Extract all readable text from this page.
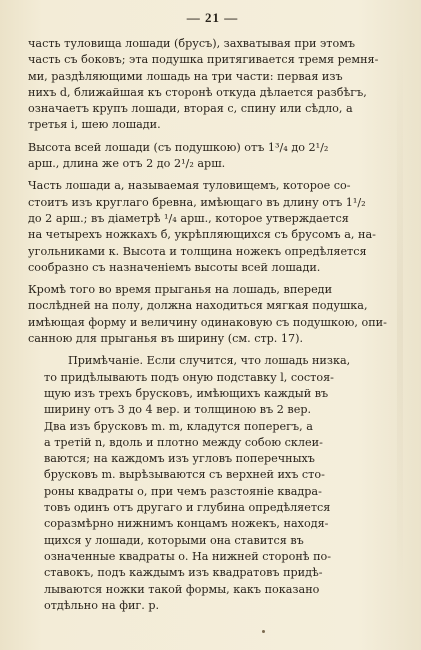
— 21 —
часть туловища лошади (брусъ), захватывая при этомъ
часть съ боковъ; эта подушка притягивается тремя ремня-
ми, раздѣляющими лошадь на три части: первая изъ
нихъ d, ближайшая къ сторонѣ откуда дѣлается разбѣгъ,
означаетъ крупъ лошади, вторая c, спину или сѣдло, а
третья i, шею лошади.
Высота всей лошади (съ подушкою) отъ 1³/₄ до 2¹/₂
арш., длина же отъ 2 до 2¹/₂ арш.
Часть лошади a, называемая туловищемъ, которое со-
стоитъ изъ круглаго бревна, имѣющаго въ длину отъ 1¹/₂
до 2 арш.; въ діаметрѣ ¹/₄ арш., которое утверждается
на четырехъ ножкахъ б, укрѣпляющихся съ брусомъ a, на-
угольниками к. Высота и толщина ножекъ опредѣляется
сообразно съ назначеніемъ высоты всей лошади.
Кромѣ того во время прыганья на лошадь, впереди
послѣдней на полу, должна находиться мягкая подушка,
имѣющая форму и величину одинаковую съ подушкою, опи-
санною для прыганья въ ширину (см. стр. 17).
Примѣчаніе. Если случится, что лошадь низка,
то придѣлывають подъ оную подставку l, состоя-
щую изъ трехъ брусковъ, имѣющихъ каждый въ
ширину отъ 3 до 4 вер. и толщиною въ 2 вер.
Два изъ брусковъ m. m, кладутся поперегъ, а
а третій n, вдоль и плотно между собою склеи-
ваются; на каждомъ изъ угловъ поперечныхъ
брусковъ m. вырѣзываются съ верхней ихъ сто-
роны квадраты o, при чемъ разстояніе квадра-
товъ одинъ отъ другаго и глубина опредѣляется
соразмѣрно нижнимъ концамъ ножекъ, находя-
щихся у лошади, которыми она ставится въ
означенные квадраты o. На нижней сторонѣ по-
ставокъ, подъ каждымъ изъ квадратовъ придѣ-
лываются ножки такой формы, какъ показано
отдѣльно на фиг. р.
